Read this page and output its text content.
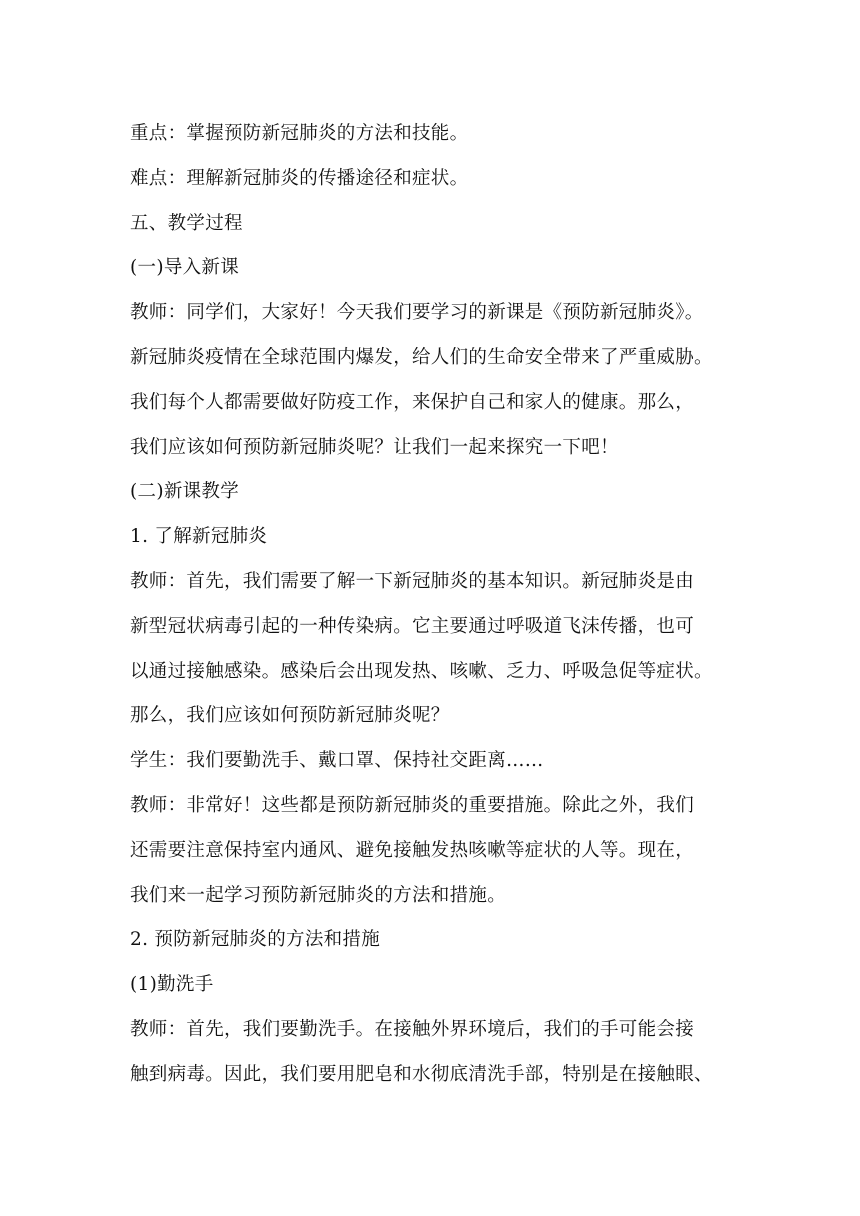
重点：掌握预防新冠肺炎的方法和技能。
难点：理解新冠肺炎的传播途径和症状。
五、教学过程
(一)导入新课
教师：同学们，大家好！今天我们要学习的新课是《预防新冠肺炎》。
新冠肺炎疫情在全球范围内爆发，给人们的生命安全带来了严重威胁。
我们每个人都需要做好防疫工作，来保护自己和家人的健康。那么，
我们应该如何预防新冠肺炎呢？让我们一起来探究一下吧！
(二)新课教学
1. 了解新冠肺炎
教师：首先，我们需要了解一下新冠肺炎的基本知识。新冠肺炎是由
新型冠状病毒引起的一种传染病。它主要通过呼吸道飞沫传播，也可
以通过接触感染。感染后会出现发热、咳嗽、乏力、呼吸急促等症状。
那么，我们应该如何预防新冠肺炎呢？
学生：我们要勤洗手、戴口罩、保持社交距离……
教师：非常好！这些都是预防新冠肺炎的重要措施。除此之外，我们
还需要注意保持室内通风、避免接触发热咳嗽等症状的人等。现在，
我们来一起学习预防新冠肺炎的方法和措施。
2. 预防新冠肺炎的方法和措施
(1)勤洗手
教师：首先，我们要勤洗手。在接触外界环境后，我们的手可能会接
触到病毒。因此，我们要用肥皂和水彻底清洗手部，特别是在接触眼、
